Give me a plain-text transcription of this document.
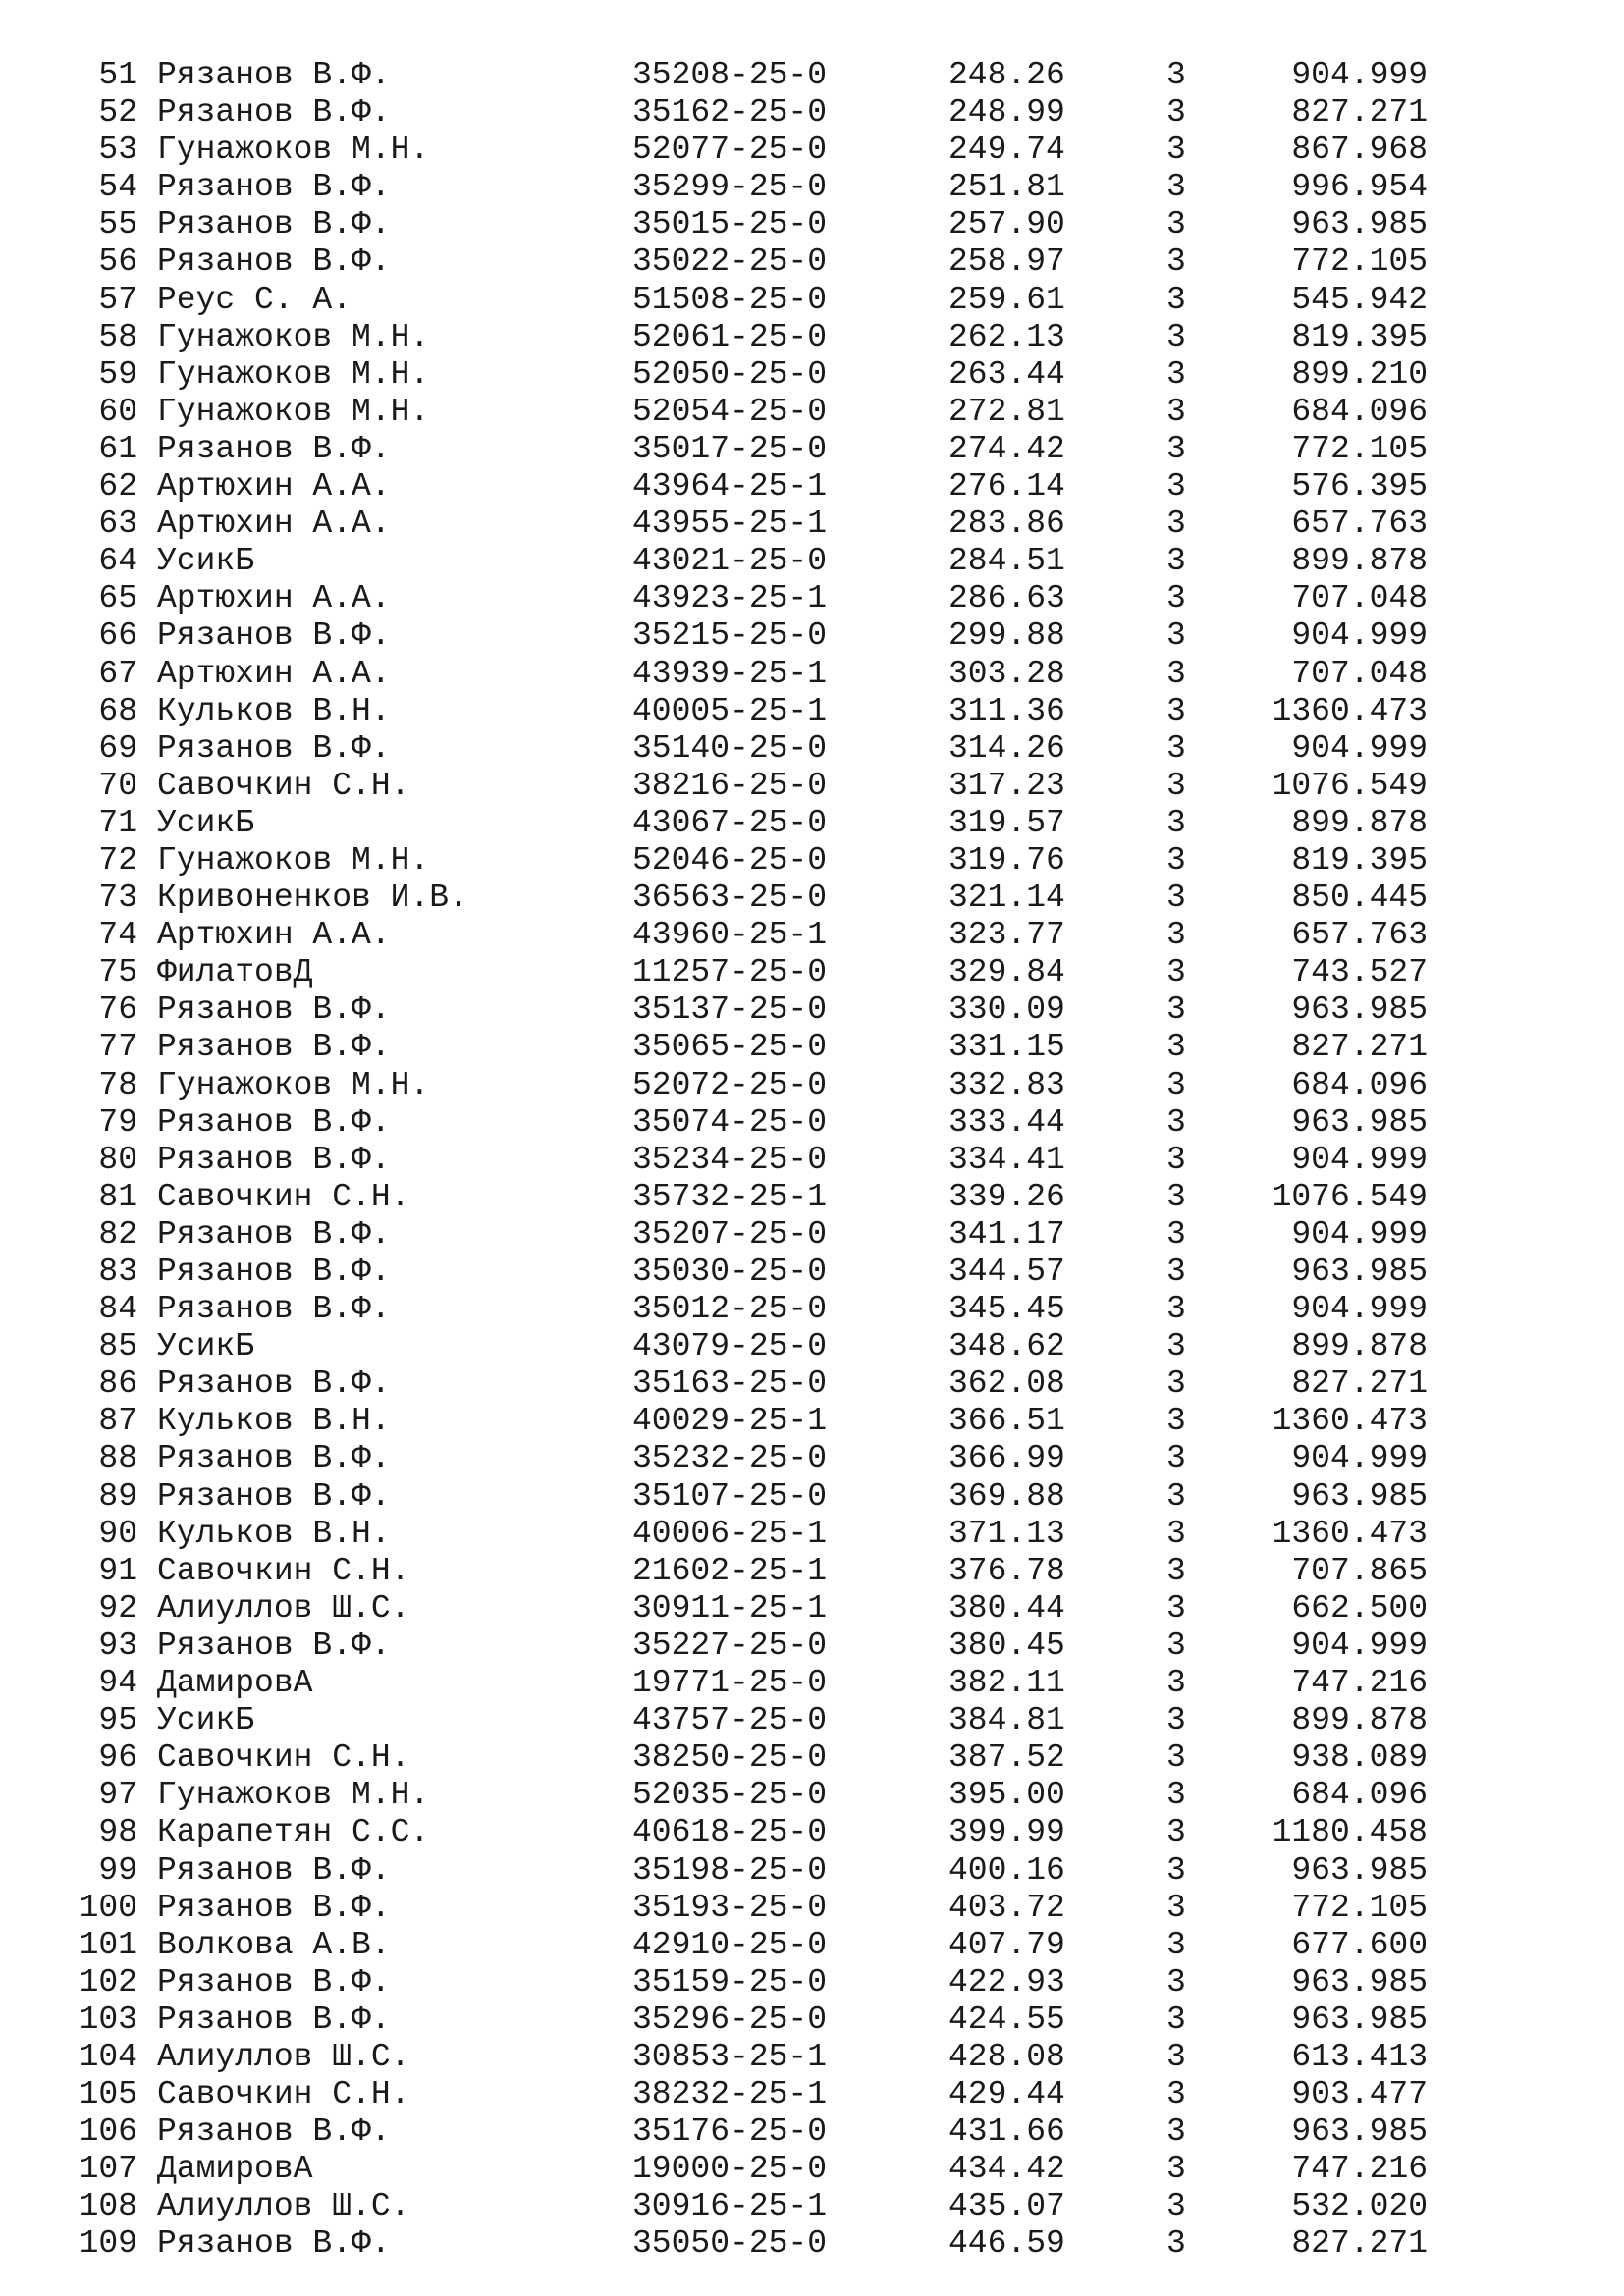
51 Рязанов В.Ф.	35208-25-0	248.26	3	904.999
52 Рязанов В.Ф.	35162-25-0	248.99	3	827.271
53 Гунажоков М.Н.	52077-25-0	249.74	3	867.968
54 Рязанов В.Ф.	35299-25-0	251.81	3	996.954
55 Рязанов В.Ф.	35015-25-0	257.90	3	963.985
56 Рязанов В.Ф.	35022-25-0	258.97	3	772.105
57 Реус С. А.	51508-25-0	259.61	3	545.942
58 Гунажоков М.Н.	52061-25-0	262.13	3	819.395
59 Гунажоков М.Н.	52050-25-0	263.44	3	899.210
60 Гунажоков М.Н.	52054-25-0	272.81	3	684.096
61 Рязанов В.Ф.	35017-25-0	274.42	3	772.105
62 Артюхин А.А.	43964-25-1	276.14	3	576.395
63 Артюхин А.А.	43955-25-1	283.86	3	657.763
64 УсикБ	43021-25-0	284.51	3	899.878
65 Артюхин А.А.	43923-25-1	286.63	3	707.048
66 Рязанов В.Ф.	35215-25-0	299.88	3	904.999
67 Артюхин А.А.	43939-25-1	303.28	3	707.048
68 Кульков В.Н.	40005-25-1	311.36	3	1360.473
69 Рязанов В.Ф.	35140-25-0	314.26	3	904.999
70 Савочкин С.Н.	38216-25-0	317.23	3	1076.549
71 УсикБ	43067-25-0	319.57	3	899.878
72 Гунажоков М.Н.	52046-25-0	319.76	3	819.395
73 Кривоненков И.В.	36563-25-0	321.14	3	850.445
74 Артюхин А.А.	43960-25-1	323.77	3	657.763
75 ФилатовД	11257-25-0	329.84	3	743.527
76 Рязанов В.Ф.	35137-25-0	330.09	3	963.985
77 Рязанов В.Ф.	35065-25-0	331.15	3	827.271
78 Гунажоков М.Н.	52072-25-0	332.83	3	684.096
79 Рязанов В.Ф.	35074-25-0	333.44	3	963.985
80 Рязанов В.Ф.	35234-25-0	334.41	3	904.999
81 Савочкин С.Н.	35732-25-1	339.26	3	1076.549
82 Рязанов В.Ф.	35207-25-0	341.17	3	904.999
83 Рязанов В.Ф.	35030-25-0	344.57	3	963.985
84 Рязанов В.Ф.	35012-25-0	345.45	3	904.999
85 УсикБ	43079-25-0	348.62	3	899.878
86 Рязанов В.Ф.	35163-25-0	362.08	3	827.271
87 Кульков В.Н.	40029-25-1	366.51	3	1360.473
88 Рязанов В.Ф.	35232-25-0	366.99	3	904.999
89 Рязанов В.Ф.	35107-25-0	369.88	3	963.985
90 Кульков В.Н.	40006-25-1	371.13	3	1360.473
91 Савочкин С.Н.	21602-25-1	376.78	3	707.865
92 Алиуллов Ш.С.	30911-25-1	380.44	3	662.500
93 Рязанов В.Ф.	35227-25-0	380.45	3	904.999
94 ДамировА	19771-25-0	382.11	3	747.216
95 УсикБ	43757-25-0	384.81	3	899.878
96 Савочкин С.Н.	38250-25-0	387.52	3	938.089
97 Гунажоков М.Н.	52035-25-0	395.00	3	684.096
98 Карапетян С.С.	40618-25-0	399.99	3	1180.458
99 Рязанов В.Ф.	35198-25-0	400.16	3	963.985
100 Рязанов В.Ф.	35193-25-0	403.72	3	772.105
101 Волкова А.В.	42910-25-0	407.79	3	677.600
102 Рязанов В.Ф.	35159-25-0	422.93	3	963.985
103 Рязанов В.Ф.	35296-25-0	424.55	3	963.985
104 Алиуллов Ш.С.	30853-25-1	428.08	3	613.413
105 Савочкин С.Н.	38232-25-1	429.44	3	903.477
106 Рязанов В.Ф.	35176-25-0	431.66	3	963.985
107 ДамировА	19000-25-0	434.42	3	747.216
108 Алиуллов Ш.С.	30916-25-1	435.07	3	532.020
109 Рязанов В.Ф.	35050-25-0	446.59	3	827.271
